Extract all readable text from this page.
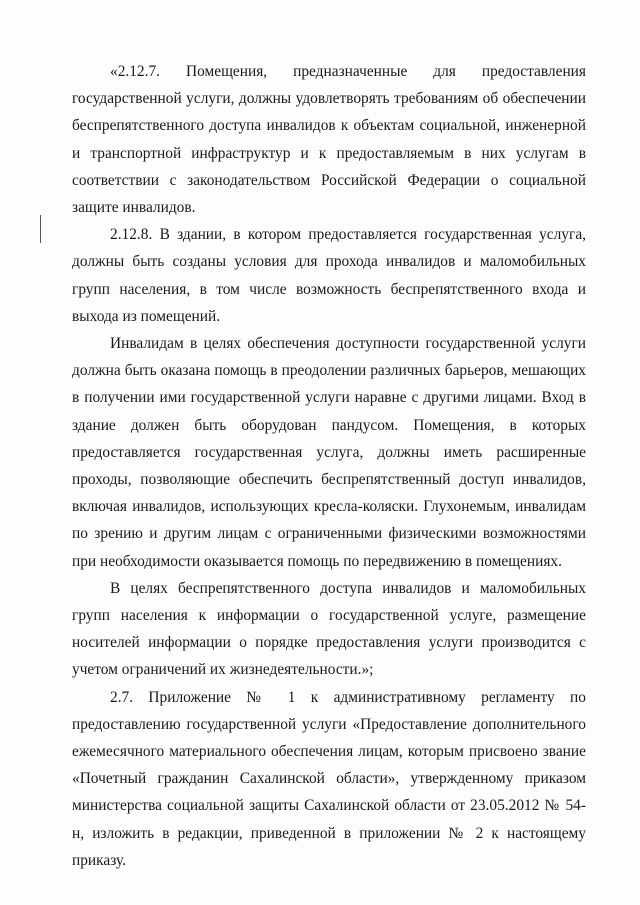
«2.12.7. Помещения, предназначенные для предоставления государственной услуги, должны удовлетворять требованиям об обеспечении беспрепятственного доступа инвалидов к объектам социальной, инженерной и транспортной инфраструктур и к предоставляемым в них услугам в соответствии с законодательством Российской Федерации о социальной защите инвалидов.

2.12.8. В здании, в котором предоставляется государственная услуга, должны быть созданы условия для прохода инвалидов и маломобильных групп населения, в том числе возможность беспрепятственного входа и выхода из помещений.

Инвалидам в целях обеспечения доступности государственной услуги должна быть оказана помощь в преодолении различных барьеров, мешающих в получении ими государственной услуги наравне с другими лицами. Вход в здание должен быть оборудован пандусом. Помещения, в которых предоставляется государственная услуга, должны иметь расширенные проходы, позволяющие обеспечить беспрепятственный доступ инвалидов, включая инвалидов, использующих кресла-коляски. Глухонемым, инвалидам по зрению и другим лицам с ограниченными физическими возможностями при необходимости оказывается помощь по передвижению в помещениях.

В целях беспрепятственного доступа инвалидов и маломобильных групп населения к информации о государственной услуге, размещение носителей информации о порядке предоставления услуги производится с учетом ограничений их жизнедеятельности.»;

2.7. Приложение № 1 к административному регламенту по предоставлению государственной услуги «Предоставление дополнительного ежемесячного материального обеспечения лицам, которым присвоено звание «Почетный гражданин Сахалинской области», утвержденному приказом министерства социальной защиты Сахалинской области от 23.05.2012 № 54-н, изложить в редакции, приведенной в приложении № 2 к настоящему приказу.
